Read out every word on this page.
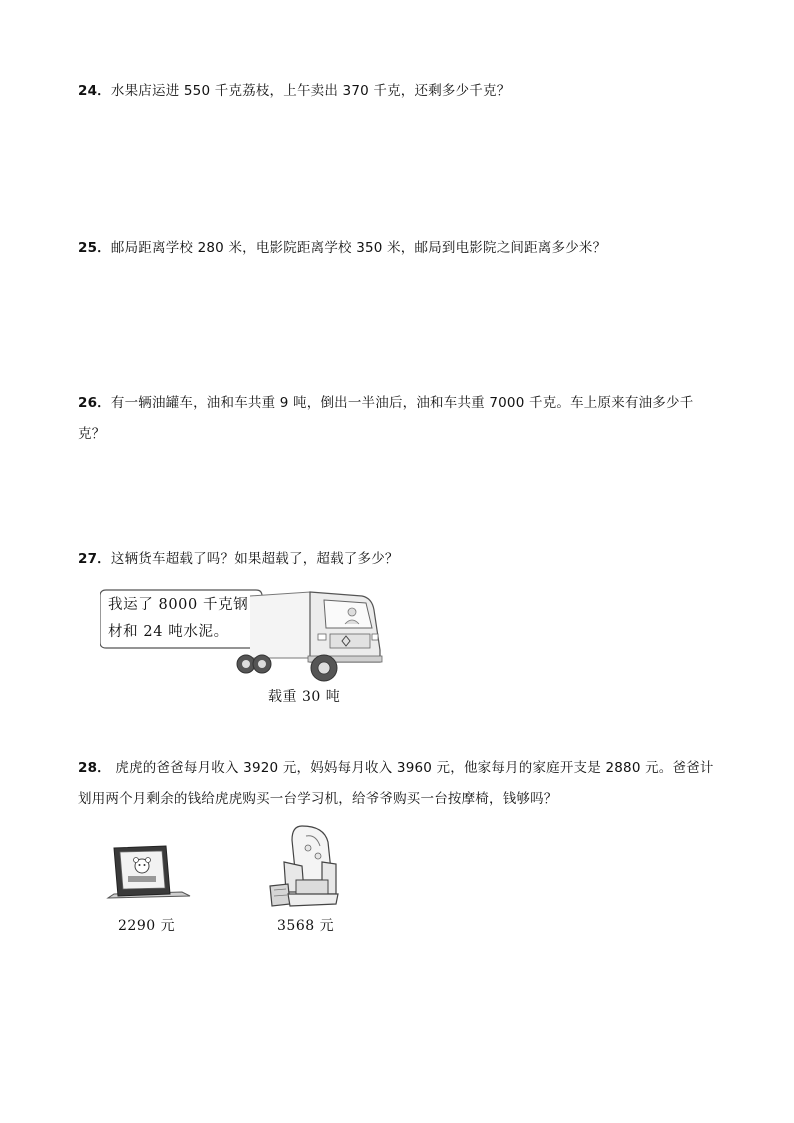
24．水果店运进 550 千克荔枝，上午卖出 370 千克，还剩多少千克？
25．邮局距离学校 280 米，电影院距离学校 350 米，邮局到电影院之间距离多少米？
26．有一辆油罐车，油和车共重 9 吨，倒出一半油后，油和车共重 7000 千克。车上原来有油多少千克？
27．这辆货车超载了吗？如果超载了，超载了多少？
我运了 8000 千克钢
材和 24 吨水泥。
载重 30 吨
28． 虎虎的爸爸每月收入 3920 元，妈妈每月收入 3960 元，他家每月的家庭开支是 2880 元。爸爸计划用两个月剩余的钱给虎虎购买一台学习机，给爷爷购买一台按摩椅，钱够吗？
2290 元	3568 元
